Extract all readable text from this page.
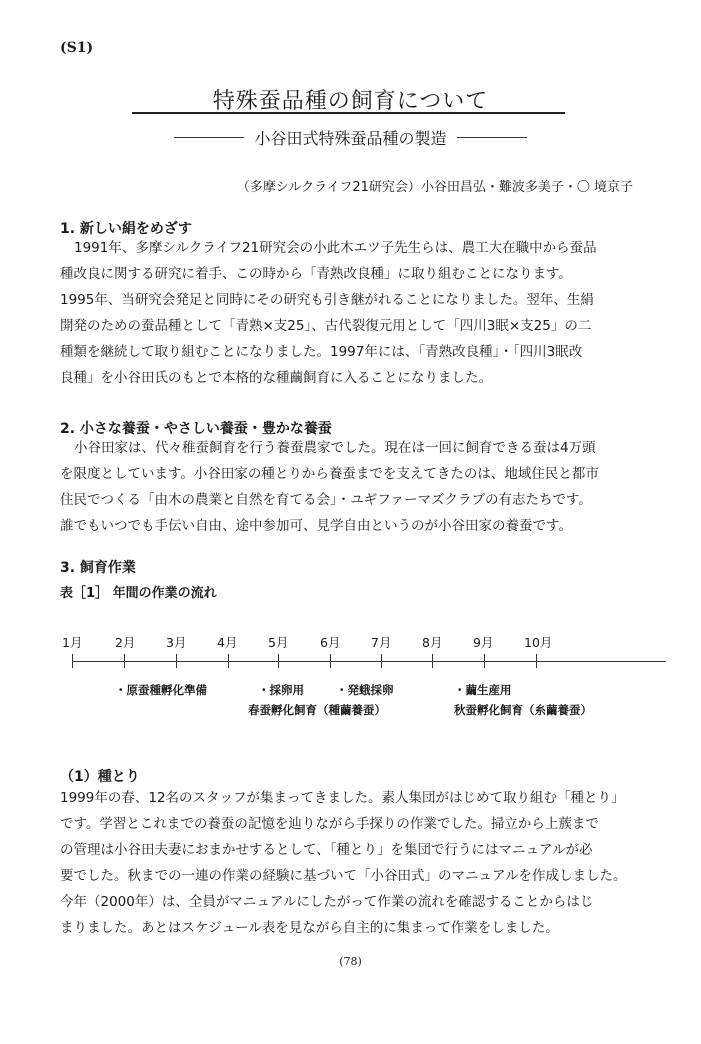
(S1)
特殊蚕品種の飼育について
小谷田式特殊蚕品種の製造
（多摩シルクライフ21研究会）小谷田昌弘・難波多美子・〇 境京子
1. 新しい絹をめざす

1991年、多摩シルクライフ21研究会の小此木エツ子先生らは、農工大在職中から蚕品

種改良に関する研究に着手、この時から「青熟改良種」に取り組むことになります。

1995年、当研究会発足と同時にその研究も引き継がれることになりました。翌年、生絹

開発のための蚕品種として「青熟×支25」、古代裂復元用として「四川3眠×支25」の二

種類を継続して取り組むことになりました。1997年には、「青熟改良種」・「四川3眠改

良種」を小谷田氏のもとで本格的な種繭飼育に入ることになりました。

2. 小さな養蚕・やさしい養蚕・豊かな養蚕

小谷田家は、代々稚蚕飼育を行う養蚕農家でした。現在は一回に飼育できる蚕は4万頭

を限度としています。小谷田家の種とりから養蚕までを支えてきたのは、地域住民と都市

住民でつくる「由木の農業と自然を育てる会」・ユギファーマズクラブの有志たちです。

誰でもいつでも手伝い自由、途中参加可、見学自由というのが小谷田家の養蚕です。

3. 飼育作業
表［1］ 年間の作業の流れ
1月	2月 3月 4月 5月	6月 7月 8月 9月 10月
・原蚕種孵化準備	・採卵用	・発蛾採卵	・繭生産用
春蚕孵化飼育（種繭養蚕）	秋蚕孵化飼育（糸繭養蚕）
（1）種とり

1999年の春、12名のスタッフが集まってきました。素人集団がはじめて取り組む「種とり」

です。学習とこれまでの養蚕の記憶を辿りながら手探りの作業でした。掃立から上蔟まで

の管理は小谷田夫妻におまかせするとして、「種とり」を集団で行うにはマニュアルが必

要でした。秋までの一連の作業の経験に基づいて「小谷田式」のマニュアルを作成しました。

今年（2000年）は、全員がマニュアルにしたがって作業の流れを確認することからはじ

まりました。あとはスケジュール表を見ながら自主的に集まって作業をしました。

(78)
